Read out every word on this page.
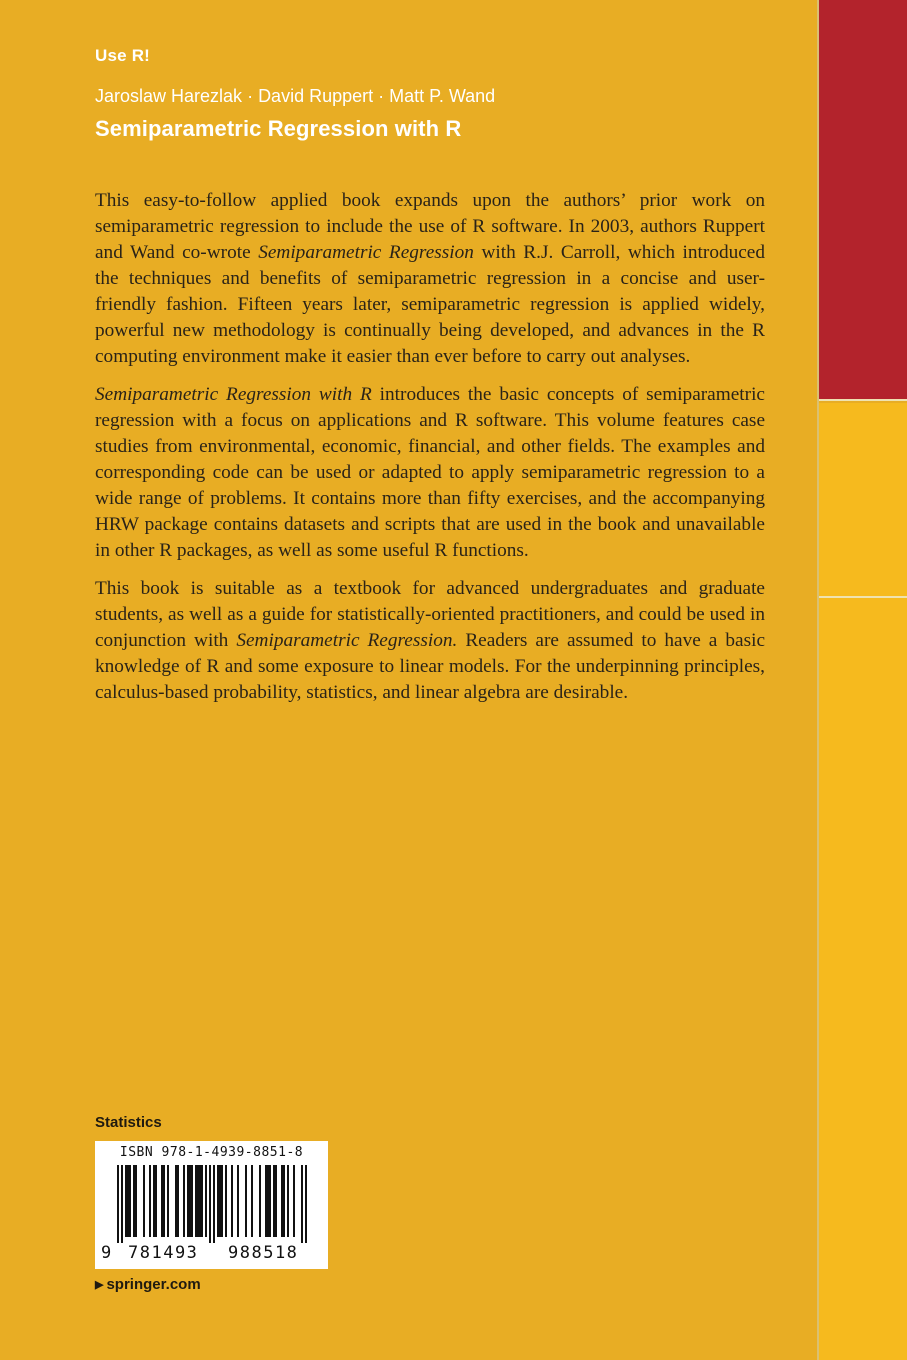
Use R!
Jaroslaw Harezlak · David Ruppert · Matt P. Wand
Semiparametric Regression with R

This easy-to-follow applied book expands upon the authors’ prior work on semiparametric regression to include the use of R software. In 2003, authors Ruppert and Wand co-wrote Semiparametric Regression with R.J. Carroll, which introduced the techniques and benefits of semiparametric regression in a concise and user-friendly fashion. Fifteen years later, semiparametric regression is applied widely, powerful new methodology is continually being developed, and advances in the R computing environment make it easier than ever before to carry out analyses.

Semiparametric Regression with R introduces the basic concepts of semiparametric regression with a focus on applications and R software. This volume features case studies from environmental, economic, financial, and other fields. The examples and corresponding code can be used or adapted to apply semiparametric regression to a wide range of problems. It contains more than fifty exercises, and the accompanying HRW package contains datasets and scripts that are used in the book and unavailable in other R packages, as well as some useful R functions.

This book is suitable as a textbook for advanced undergraduates and graduate students, as well as a guide for statistically-oriented practitioners, and could be used in conjunction with Semiparametric Regression. Readers are assumed to have a basic knowledge of R and some exposure to linear models. For the underpinning principles, calculus-based probability, statistics, and linear algebra are desirable.

Statistics
ISBN 978-1-4939-8851-8
9 781493 988518
▶ springer.com
